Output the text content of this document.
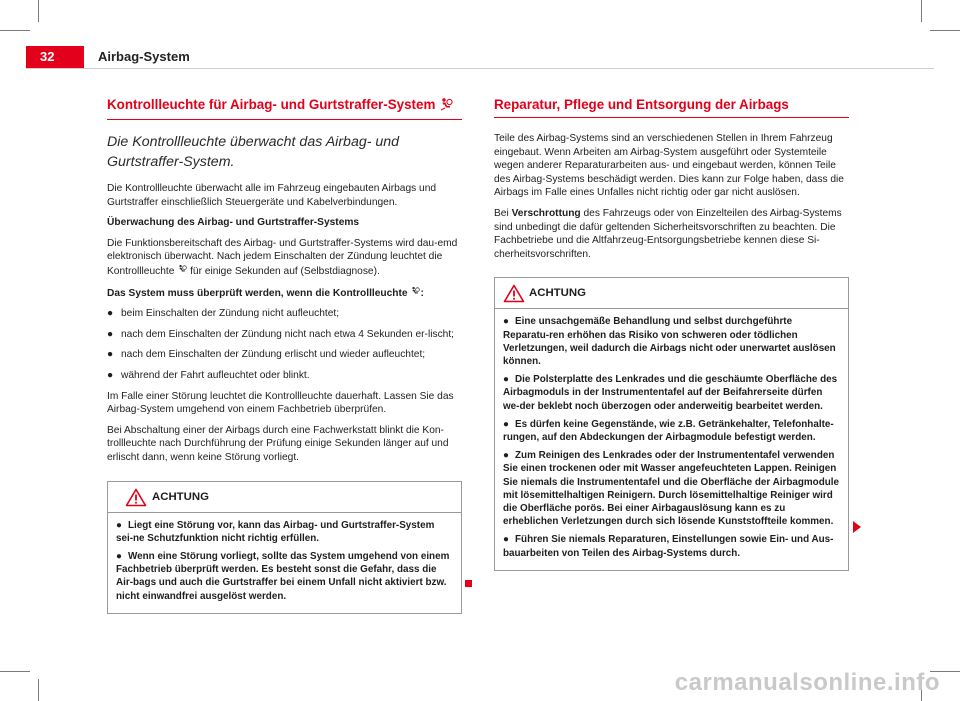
32	Airbag-System
Kontrollleuchte für Airbag- und Gurtstraffer-System
Die Kontrollleuchte überwacht das Airbag- und Gurtstraffer-System.

Die Kontrollleuchte überwacht alle im Fahrzeug eingebauten Airbags und Gurtstraffer einschließlich Steuergeräte und Kabelverbindungen.

Überwachung des Airbag- und Gurtstraffer-Systems

Die Funktionsbereitschaft des Airbag- und Gurtstraffer-Systems wird dau-emd elektronisch überwacht. Nach jedem Einschalten der Zündung leuchtet die Kontrollleuchte für einige Sekunden auf (Selbstdiagnose).

Das System muss überprüft werden, wenn die Kontrollleuchte :

● beim Einschalten der Zündung nicht aufleuchtet;

● nach dem Einschalten der Zündung nicht nach etwa 4 Sekunden er-lischt;

● nach dem Einschalten der Zündung erlischt und wieder aufleuchtet;

● während der Fahrt aufleuchtet oder blinkt.

Im Falle einer Störung leuchtet die Kontrollleuchte dauerhaft. Lassen Sie das Airbag-System umgehend von einem Fachbetrieb überprüfen.

Bei Abschaltung einer der Airbags durch eine Fachwerkstatt blinkt die Kon-trollleuchte nach Durchführung der Prüfung einige Sekunden länger auf und erlischt dann, wenn keine Störung vorliegt.

ACHTUNG

● Liegt eine Störung vor, kann das Airbag- und Gurtstraffer-System sei-ne Schutzfunktion nicht richtig erfüllen.

● Wenn eine Störung vorliegt, sollte das System umgehend von einem Fachbetrieb überprüft werden. Es besteht sonst die Gefahr, dass die Air-bags und auch die Gurtstraffer bei einem Unfall nicht aktiviert bzw. nicht einwandfrei ausgelöst werden.

Reparatur, Pflege und Entsorgung der Airbags

Teile des Airbag-Systems sind an verschiedenen Stellen in Ihrem Fahrzeug eingebaut. Wenn Arbeiten am Airbag-System ausgeführt oder Systemteile wegen anderer Reparaturarbeiten aus- und eingebaut werden, können Teile des Airbag-Systems beschädigt werden. Dies kann zur Folge haben, dass die Airbags im Falle eines Unfalles nicht richtig oder gar nicht auslösen.

Bei Verschrottung des Fahrzeugs oder von Einzelteilen des Airbag-Systems sind unbedingt die dafür geltenden Sicherheitsvorschriften zu beachten. Die Fachbetriebe und die Altfahrzeug-Entsorgungsbetriebe kennen diese Si-cherheitsvorschriften.

ACHTUNG

● Eine unsachgemäße Behandlung und selbst durchgeführte Reparatu-ren erhöhen das Risiko von schweren oder tödlichen Verletzungen, weil dadurch die Airbags nicht oder unerwartet auslösen können.

● Die Polsterplatte des Lenkrades und die geschäumte Oberfläche des Airbagmoduls in der Instrumententafel auf der Beifahrerseite dürfen we-der beklebt noch überzogen oder anderweitig bearbeitet werden.

● Es dürfen keine Gegenstände, wie z.B. Getränkehalter, Telefonhalte-rungen, auf den Abdeckungen der Airbagmodule befestigt werden.

● Zum Reinigen des Lenkrades oder der Instrumententafel verwenden Sie einen trockenen oder mit Wasser angefeuchteten Lappen. Reinigen Sie niemals die Instrumententafel und die Oberfläche der Airbagmodule mit lösemittelhaltigen Reinigern. Durch lösemittelhaltige Reiniger wird die Oberfläche porös. Bei einer Airbagauslösung kann es zu erheblichen Verletzungen durch sich lösende Kunststoffteile kommen.

● Führen Sie niemals Reparaturen, Einstellungen sowie Ein- und Aus-bauarbeiten von Teilen des Airbag-Systems durch.

carmanualsonline.info
